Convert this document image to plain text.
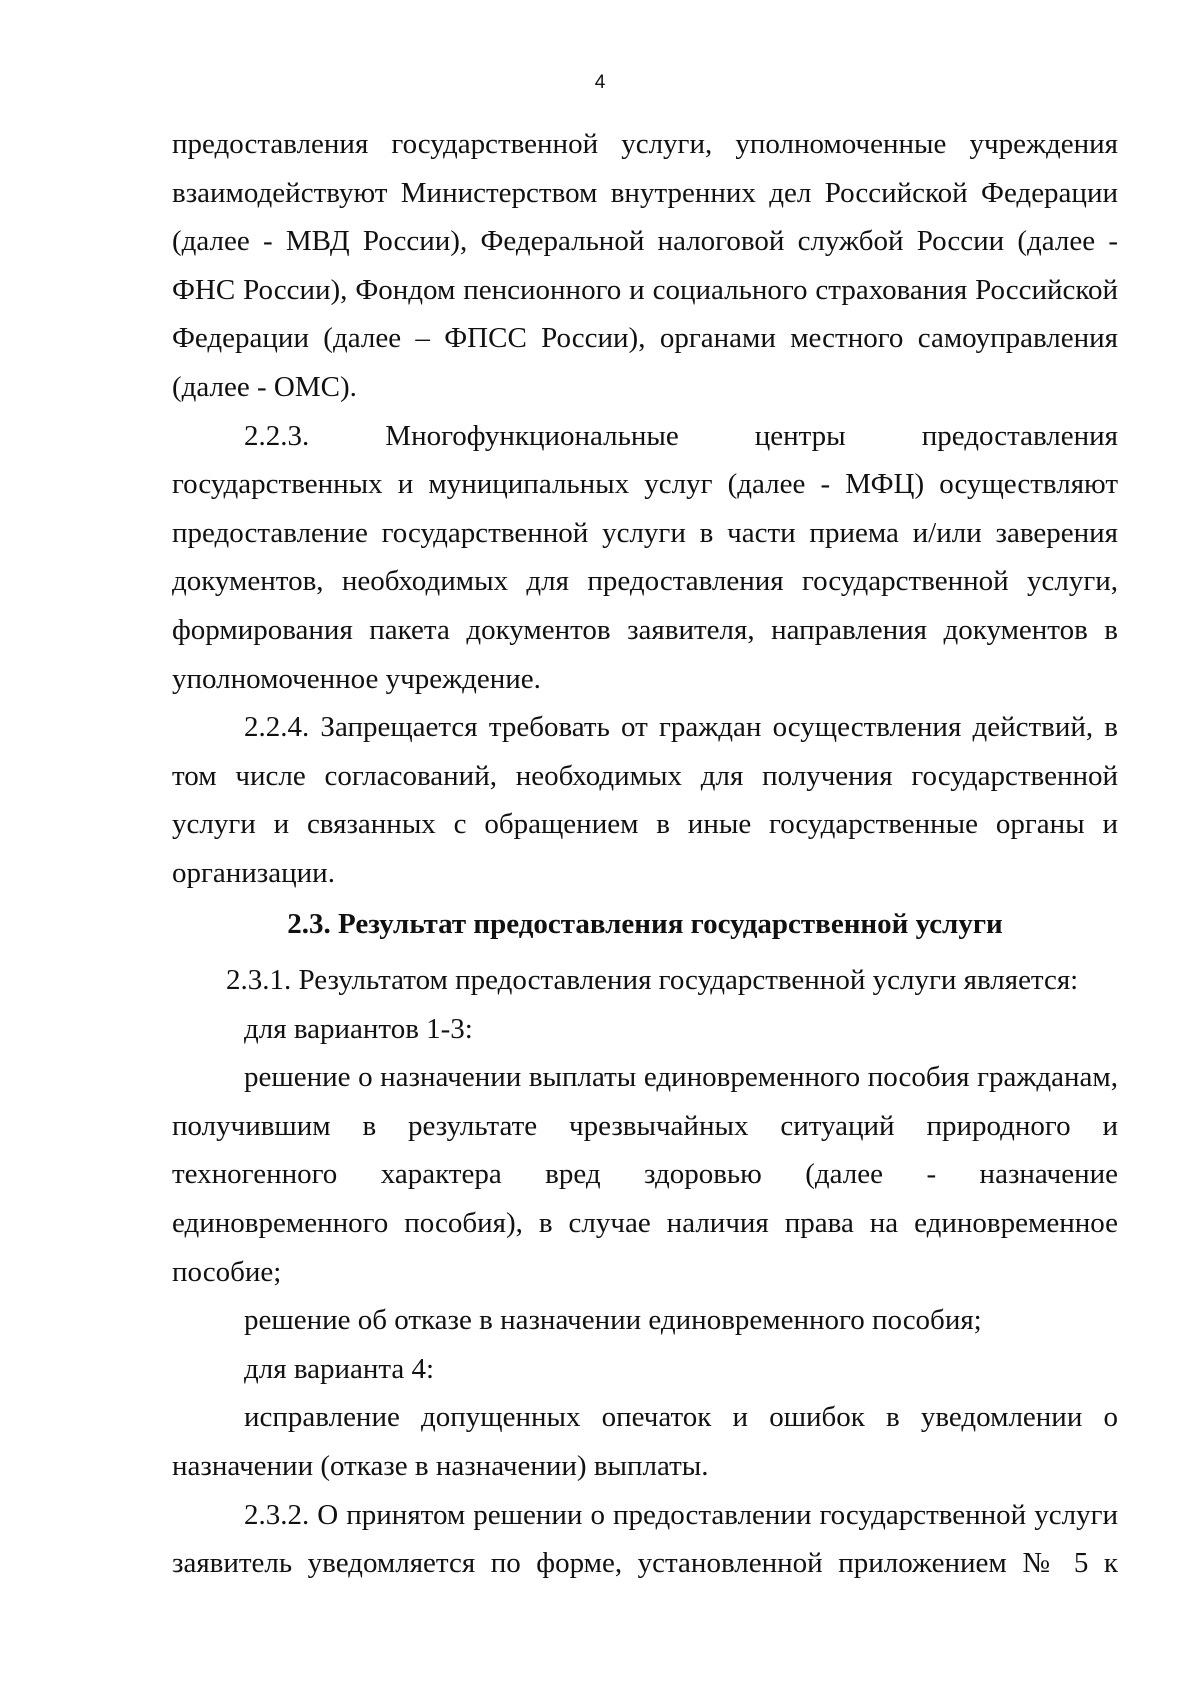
4

предоставления государственной услуги, уполномоченные учреждения взаимодействуют Министерством внутренних дел Российской Федерации (далее - МВД России), Федеральной налоговой службой России (далее - ФНС России), Фондом пенсионного и социального страхования Российской Федерации (далее – ФПСС России), органами местного самоуправления (далее - ОМС).

2.2.3. Многофункциональные центры предоставления государственных и муниципальных услуг (далее - МФЦ) осуществляют предоставление государственной услуги в части приема и/или заверения документов, необходимых для предоставления государственной услуги, формирования пакета документов заявителя, направления документов в уполномоченное учреждение.

2.2.4. Запрещается требовать от граждан осуществления действий, в том числе согласований, необходимых для получения государственной услуги и связанных с обращением в иные государственные органы и организации.

2.3. Результат предоставления государственной услуги

2.3.1. Результатом предоставления государственной услуги является:

для вариантов 1-3:

решение о назначении выплаты единовременного пособия гражданам, получившим в результате чрезвычайных ситуаций природного и техногенного характера вред здоровью (далее - назначение единовременного пособия), в случае наличия права на единовременное пособие;

решение об отказе в назначении единовременного пособия;

для варианта 4:

исправление допущенных опечаток и ошибок в уведомлении о назначении (отказе в назначении) выплаты.

2.3.2. О принятом решении о предоставлении государственной услуги заявитель уведомляется по форме, установленной приложением № 5 к
